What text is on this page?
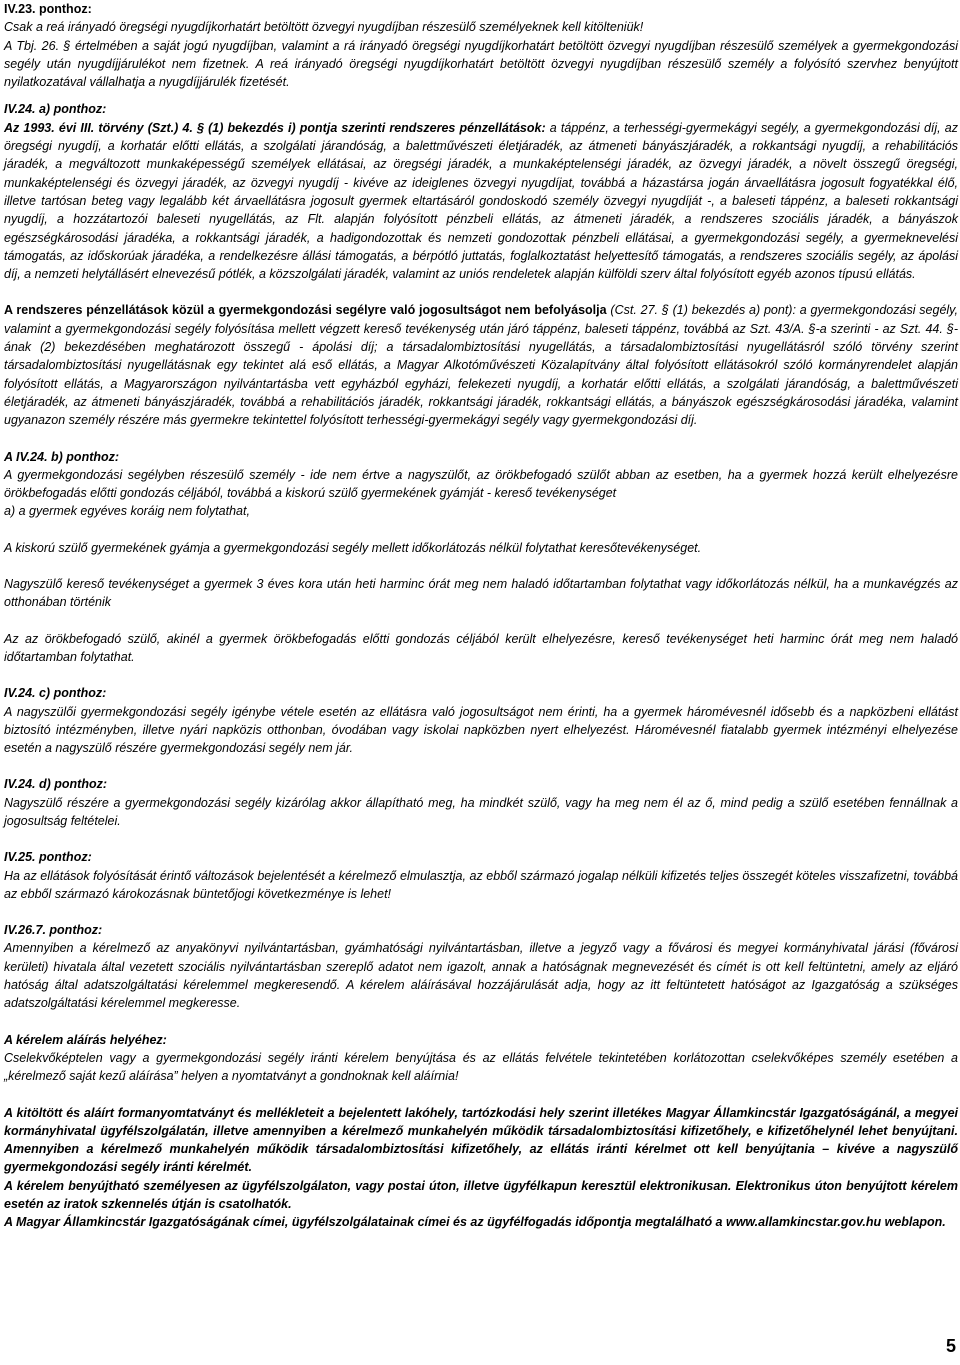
IV.23. ponthoz:

Csak a reá irányadó öregségi nyugdíjkorhatárt betöltött özvegyi nyugdíjban részesülő személyeknek kell kitölteniük!

A Tbj. 26. § értelmében a saját jogú nyugdíjban, valamint a rá irányadó öregségi nyugdíjkorhatárt betöltött özvegyi nyugdíjban részesülő személyek a gyermekgondozási segély után nyugdíjjárulékot nem fizetnek. A reá irányadó öregségi nyugdíjkorhatárt betöltött özvegyi nyugdíjban részesülő személy a folyósító szervhez benyújtott nyilatkozatával vállalhatja a nyugdíjjárulék fizetését.

IV.24. a) ponthoz:

Az 1993. évi III. törvény (Szt.) 4. § (1) bekezdés i) pontja szerinti rendszeres pénzellátások: a táppénz, a terhességi-gyermekágyi segély, a gyermekgondozási díj, az öregségi nyugdíj, a korhatár előtti ellátás, a szolgálati járandóság, a balettművészeti életjáradék, az átmeneti bányászjáradék, a rokkantsági nyugdíj, a rehabilitációs járadék, a megváltozott munkaképességű személyek ellátásai, az öregségi járadék, a munkaképtelenségi járadék, az özvegyi járadék, a növelt összegű öregségi, munkaképtelenségi és özvegyi járadék, az özvegyi nyugdíj - kivéve az ideiglenes özvegyi nyugdíjat, továbbá a házastársa jogán árvaellátásra jogosult fogyatékkal élő, illetve tartósan beteg vagy legalább két árvaellátásra jogosult gyermek eltartásáról gondoskodó személy özvegyi nyugdíját -, a baleseti táppénz, a baleseti rokkantsági nyugdíj, a hozzátartozói baleseti nyugellátás, az Flt. alapján folyósított pénzbeli ellátás, az átmeneti járadék, a rendszeres szociális járadék, a bányászok egészségkárosodási járadéka, a rokkantsági járadék, a hadigondozottak és nemzeti gondozottak pénzbeli ellátásai, a gyermekgondozási segély, a gyermeknevelési támogatás, az időskorúak járadéka, a rendelkezésre állási támogatás, a bérpótló juttatás, foglalkoztatást helyettesítő támogatás, a rendszeres szociális segély, az ápolási díj, a nemzeti helytállásért elnevezésű pótlék, a közszolgálati járadék, valamint az uniós rendeletek alapján külföldi szerv által folyósított egyéb azonos típusú ellátás.

A rendszeres pénzellátások közül a gyermekgondozási segélyre való jogosultságot nem befolyásolja (Cst. 27. § (1) bekezdés a) pont): a gyermekgondozási segély, valamint a gyermekgondozási segély folyósítása mellett végzett kereső tevékenység után járó táppénz, baleseti táppénz, továbbá az Szt. 43/A. §-a szerinti - az Szt. 44. §-ának (2) bekezdésében meghatározott összegű - ápolási díj; a társadalombiztosítási nyugellátás, a társadalombiztosítási nyugellátásról szóló törvény szerint társadalombiztosítási nyugellátásnak egy tekintet alá eső ellátás, a Magyar Alkotóművészeti Közalapítvány által folyósított ellátásokról szóló kormányrendelet alapján folyósított ellátás, a Magyarországon nyilvántartásba vett egyházból egyházi, felekezeti nyugdíj, a korhatár előtti ellátás, a szolgálati járandóság, a balettművészeti életjáradék, az átmeneti bányászjáradék, továbbá a rehabilitációs járadék, rokkantsági járadék, rokkantsági ellátás, a bányászok egészségkárosodási járadéka, valamint ugyanazon személy részére más gyermekre tekintettel folyósított terhességi-gyermekágyi segély vagy gyermekgondozási díj.

A IV.24. b) ponthoz:

A gyermekgondozási segélyben részesülő személy - ide nem értve a nagyszülőt, az örökbefogadó szülőt abban az esetben, ha a gyermek hozzá került elhelyezésre örökbefogadás előtti gondozás céljából, továbbá a kiskorú szülő gyermekének gyámját - kereső tevékenységet

a) a gyermek egyéves koráig nem folytathat,

A kiskorú szülő gyermekének gyámja a gyermekgondozási segély mellett időkorlátozás nélkül folytathat keresőtevékenységet.

Nagyszülő kereső tevékenységet a gyermek 3 éves kora után heti harminc órát meg nem haladó időtartamban folytathat vagy időkorlátozás nélkül, ha a munkavégzés az otthonában történik

Az az örökbefogadó szülő, akinél a gyermek örökbefogadás előtti gondozás céljából került elhelyezésre, kereső tevékenységet heti harminc órát meg nem haladó időtartamban folytathat.

IV.24. c) ponthoz:

A nagyszülői gyermekgondozási segély igénybe vétele esetén az ellátásra való jogosultságot nem érinti, ha a gyermek háromévesnél idősebb és a napközbeni ellátást biztosító intézményben, illetve nyári napközis otthonban, óvodában vagy iskolai napközben nyert elhelyezést. Háromévesnél fiatalabb gyermek intézményi elhelyezése esetén a nagyszülő részére gyermekgondozási segély nem jár.

IV.24. d) ponthoz:

Nagyszülő részére a gyermekgondozási segély kizárólag akkor állapítható meg, ha mindkét szülő, vagy ha meg nem él az ő, mind pedig a szülő esetében fennállnak a jogosultság feltételei.

IV.25. ponthoz:

Ha az ellátások folyósítását érintő változások bejelentését a kérelmező elmulasztja, az ebből származó jogalap nélküli kifizetés teljes összegét köteles visszafizetni, továbbá az ebből származó károkozásnak büntetőjogi következménye is lehet!

IV.26.7. ponthoz:

Amennyiben a kérelmező az anyakönyvi nyilvántartásban, gyámhatósági nyilvántartásban, illetve a jegyző vagy a fővárosi és megyei kormányhivatal járási (fővárosi kerületi) hivatala által vezetett szociális nyilvántartásban szereplő adatot nem igazolt, annak a hatóságnak megnevezését és címét is ott kell feltüntetni, amely az eljáró hatóság által adatszolgáltatási kérelemmel megkeresendő. A kérelem aláírásával hozzájárulását adja, hogy az itt feltüntetett hatóságot az Igazgatóság a szükséges adatszolgáltatási kérelemmel megkeresse.

A kérelem aláírás helyéhez:

Cselekvőképtelen vagy a gyermekgondozási segély iránti kérelem benyújtása és az ellátás felvétele tekintetében korlátozottan cselekvőképes személy esetében a „kérelmező saját kezű aláírása” helyen a nyomtatványt a gondnoknak kell aláírnia!

A kitöltött és aláírt formanyomtatványt és mellékleteit a bejelentett lakóhely, tartózkodási hely szerint illetékes Magyar Államkincstár Igazgatóságánál, a megyei kormányhivatal ügyfélszolgálatán, illetve amennyiben a kérelmező munkahelyén működik társadalombiztosítási kifizetőhely, e kifizetőhelynél lehet benyújtani. Amennyiben a kérelmező munkahelyén működik társadalombiztosítási kifizetőhely, az ellátás iránti kérelmet ott kell benyújtania – kivéve a nagyszülő gyermekgondozási segély iránti kérelmét.

A kérelem benyújtható személyesen az ügyfélszolgálaton, vagy postai úton, illetve ügyfélkapun keresztül elektronikusan. Elektronikus úton benyújtott kérelem esetén az iratok szkennelés útján is csatolhatók.

A Magyar Államkincstár Igazgatóságának címei, ügyfélszolgálatainak címei és az ügyfélfogadás időpontja megtalálható a www.allamkincstar.gov.hu weblapon.

5
